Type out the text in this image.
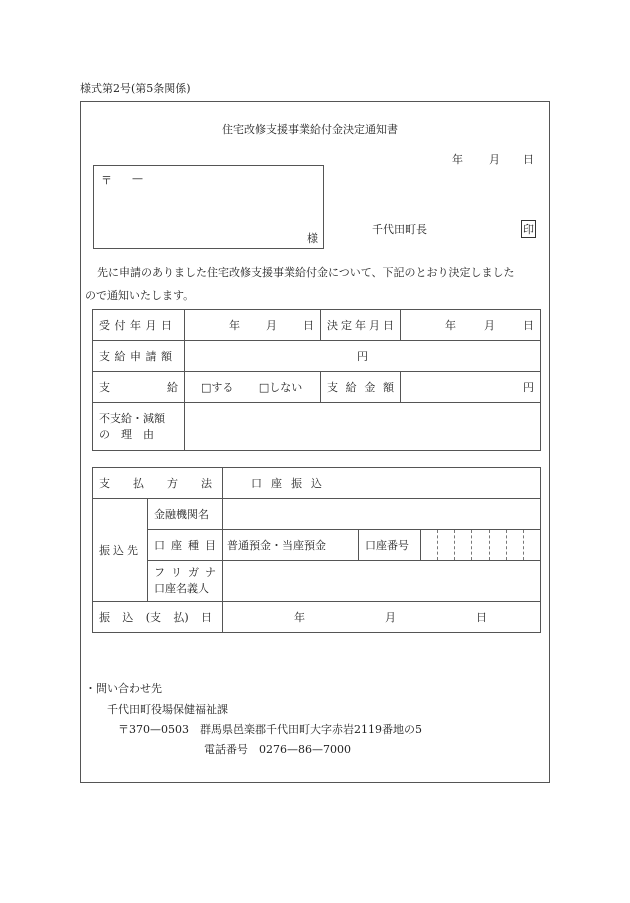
様式第2号(第5条関係)
住宅改修支援事業給付金決定通知書
年 月 日
〒 —
様
千代田町長	印
先に申請のありました住宅改修支援事業給付金について、下記のとおり決定しました
ので通知いたします。
受 付 年 月 日	年 月 日	決 定 年 月 日	年 月 日

支 給 申 請 額	円		

支 給	□する □しない	支 給 金 額	円

不支給・減額
の　理　由			

支 払 方 法		口座振込		
振込先	金融機関名			

	口 座 種 目	普通預金・当座預金	口座番号	

	フ リ ガ ナ
口座名義人			

振 込 (支 払) 日		年 月 日		
・問い合わせ先
千代田町役場保健福祉課
〒370—0503　群馬県邑楽郡千代田町大字赤岩2119番地の5
電話番号　0276—86—7000
